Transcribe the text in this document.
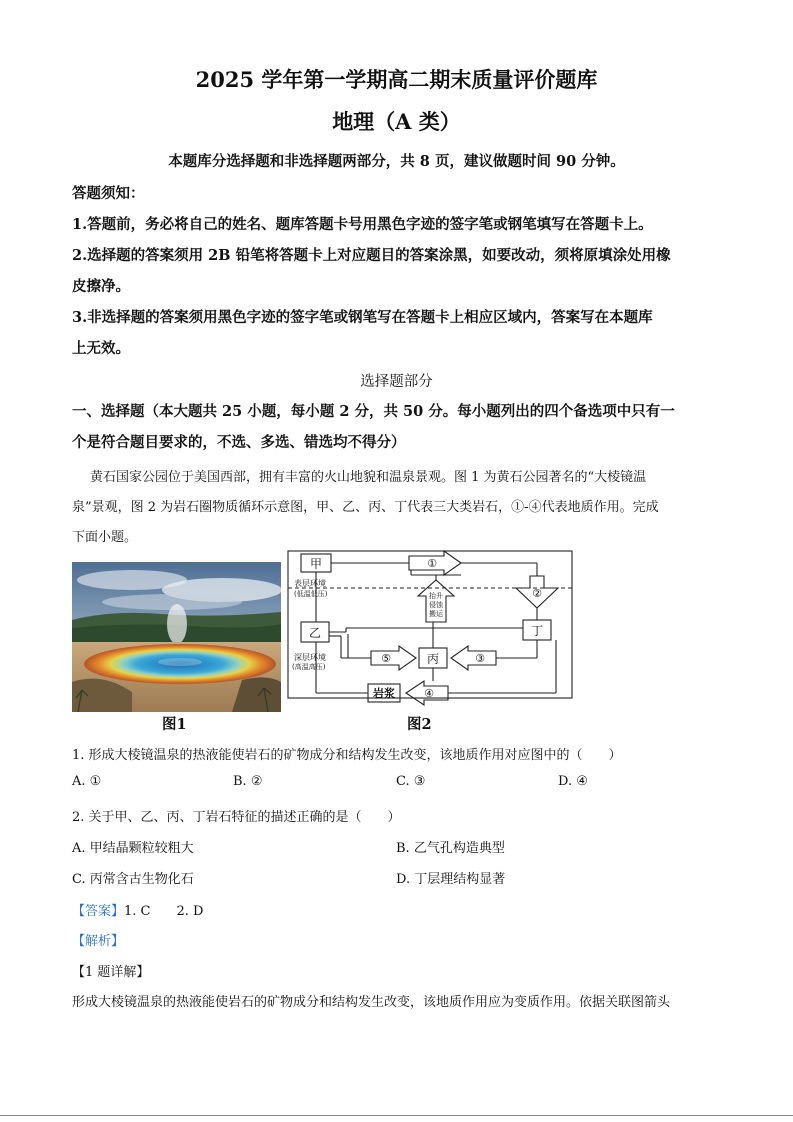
2025 学年第一学期高二期末质量评价题库
地理（A 类）
本题库分选择题和非选择题两部分，共 8 页，建议做题时间 90 分钟。
答题须知：
1.答题前，务必将自己的姓名、题库答题卡号用黑色字迹的签字笔或钢笔填写在答题卡上。
2.选择题的答案须用 2B 铅笔将答题卡上对应题目的答案涂黑，如要改动，须将原填涂处用橡
皮擦净。
3.非选择题的答案须用黑色字迹的签字笔或钢笔写在答题卡上相应区域内，答案写在本题库
上无效。
选择题部分
一、选择题（本大题共 25 小题，每小题 2 分，共 50 分。每小题列出的四个备选项中只有一
个是符合题目要求的，不选、多选、错选均不得分）
黄石国家公园位于美国西部，拥有丰富的火山地貌和温泉景观。图 1 为黄石公园著名的“大棱镜温
泉”景观，图 2 为岩石圈物质循环示意图，甲、乙、丙、丁代表三大类岩石，①-④代表地质作用。完成
下面小题。
图1
甲
乙
丙
丁
岩浆
表层环境
(低温低压)
深层环境
(高温高压)
①
②
抬升
侵蚀
搬运
⑤	③
④
图2
1. 形成大棱镜温泉的热液能使岩石的矿物成分和结构发生改变，该地质作用对应图中的（　　）
A. ①	B. ②	C. ③	D. ④
2. 关于甲、乙、丙、丁岩石特征的描述正确的是（　　）
A. 甲结晶颗粒较粗大	B. 乙气孔构造典型
C. 丙常含古生物化石	D. 丁层理结构显著
【答案】1. C 2. D
【解析】
【1 题详解】
形成大棱镜温泉的热液能使岩石的矿物成分和结构发生改变，该地质作用应为变质作用。依据关联图箭头
